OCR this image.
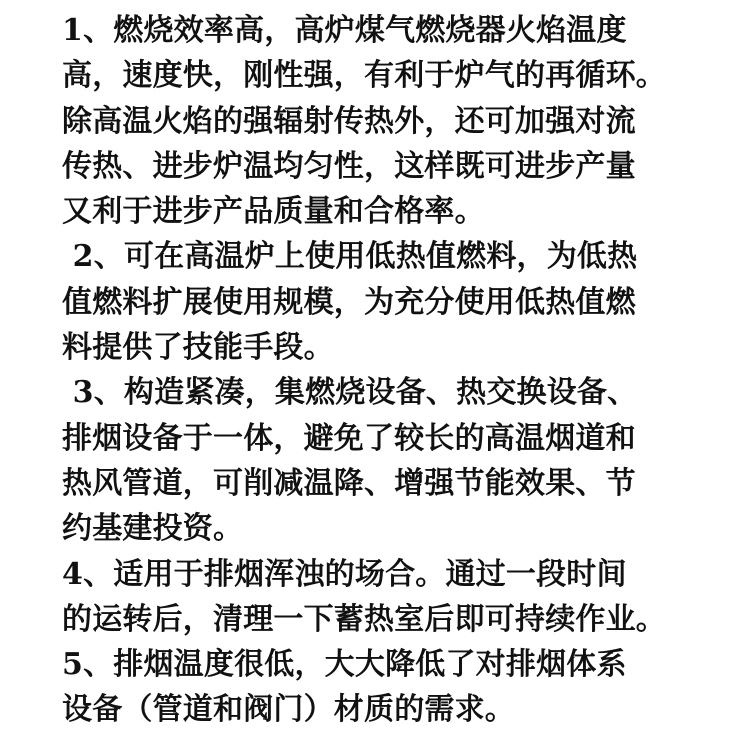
1、燃烧效率高，高炉煤气燃烧器火焰温度
高，速度快，刚性强，有利于炉气的再循环。
除高温火焰的强辐射传热外，还可加强对流
传热、进步炉温均匀性，这样既可进步产量
又利于进步产品质量和合格率。
2、可在高温炉上使用低热值燃料，为低热
值燃料扩展使用规模，为充分使用低热值燃
料提供了技能手段。
3、构造紧凑，集燃烧设备、热交换设备、
排烟设备于一体，避免了较长的高温烟道和
热风管道，可削减温降、增强节能效果、节
约基建投资。
4、适用于排烟浑浊的场合。通过一段时间
的运转后，清理一下蓄热室后即可持续作业。
5、排烟温度很低，大大降低了对排烟体系
设备（管道和阀门）材质的需求。
